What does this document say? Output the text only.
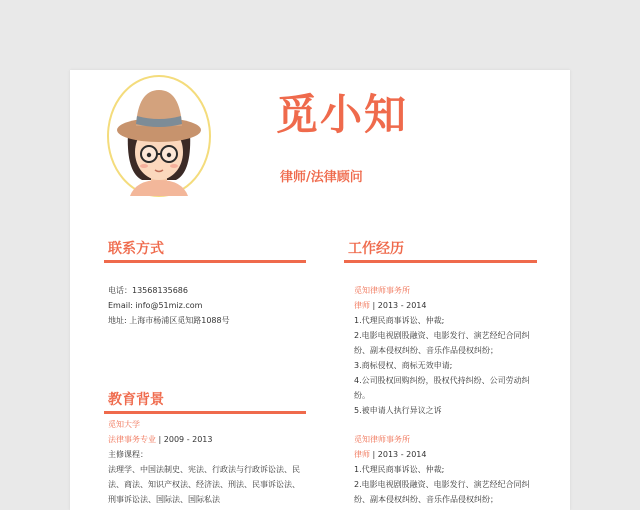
觅小知
律师/法律顾问
联系方式
电话：13568135686
Email: info@51miz.com
地址: 上海市杨浦区觅知路1088号
教育背景
觅知大学
法律事务专业 | 2009 - 2013
主修课程：
法理学、中国法制史、宪法、行政法与行政诉讼法、民
法、商法、知识产权法、经济法、刑法、民事诉讼法、
刑事诉讼法、国际法、国际私法
工作经历
觅知律师事务所
律师 | 2013 - 2014
1.代理民商事诉讼、仲裁;
2.电影电视剧股融资、电影发行、演艺经纪合同纠
纷、副本侵权纠纷、音乐作品侵权纠纷；
3.商标侵权、商标无效申请;
4.公司股权回购纠纷，股权代持纠纷、公司劳动纠
纷。
5.被申请人执行异议之诉
觅知律师事务所
律师 | 2013 - 2014
1.代理民商事诉讼、仲裁;
2.电影电视剧股融资、电影发行、演艺经纪合同纠
纷、副本侵权纠纷、音乐作品侵权纠纷；
